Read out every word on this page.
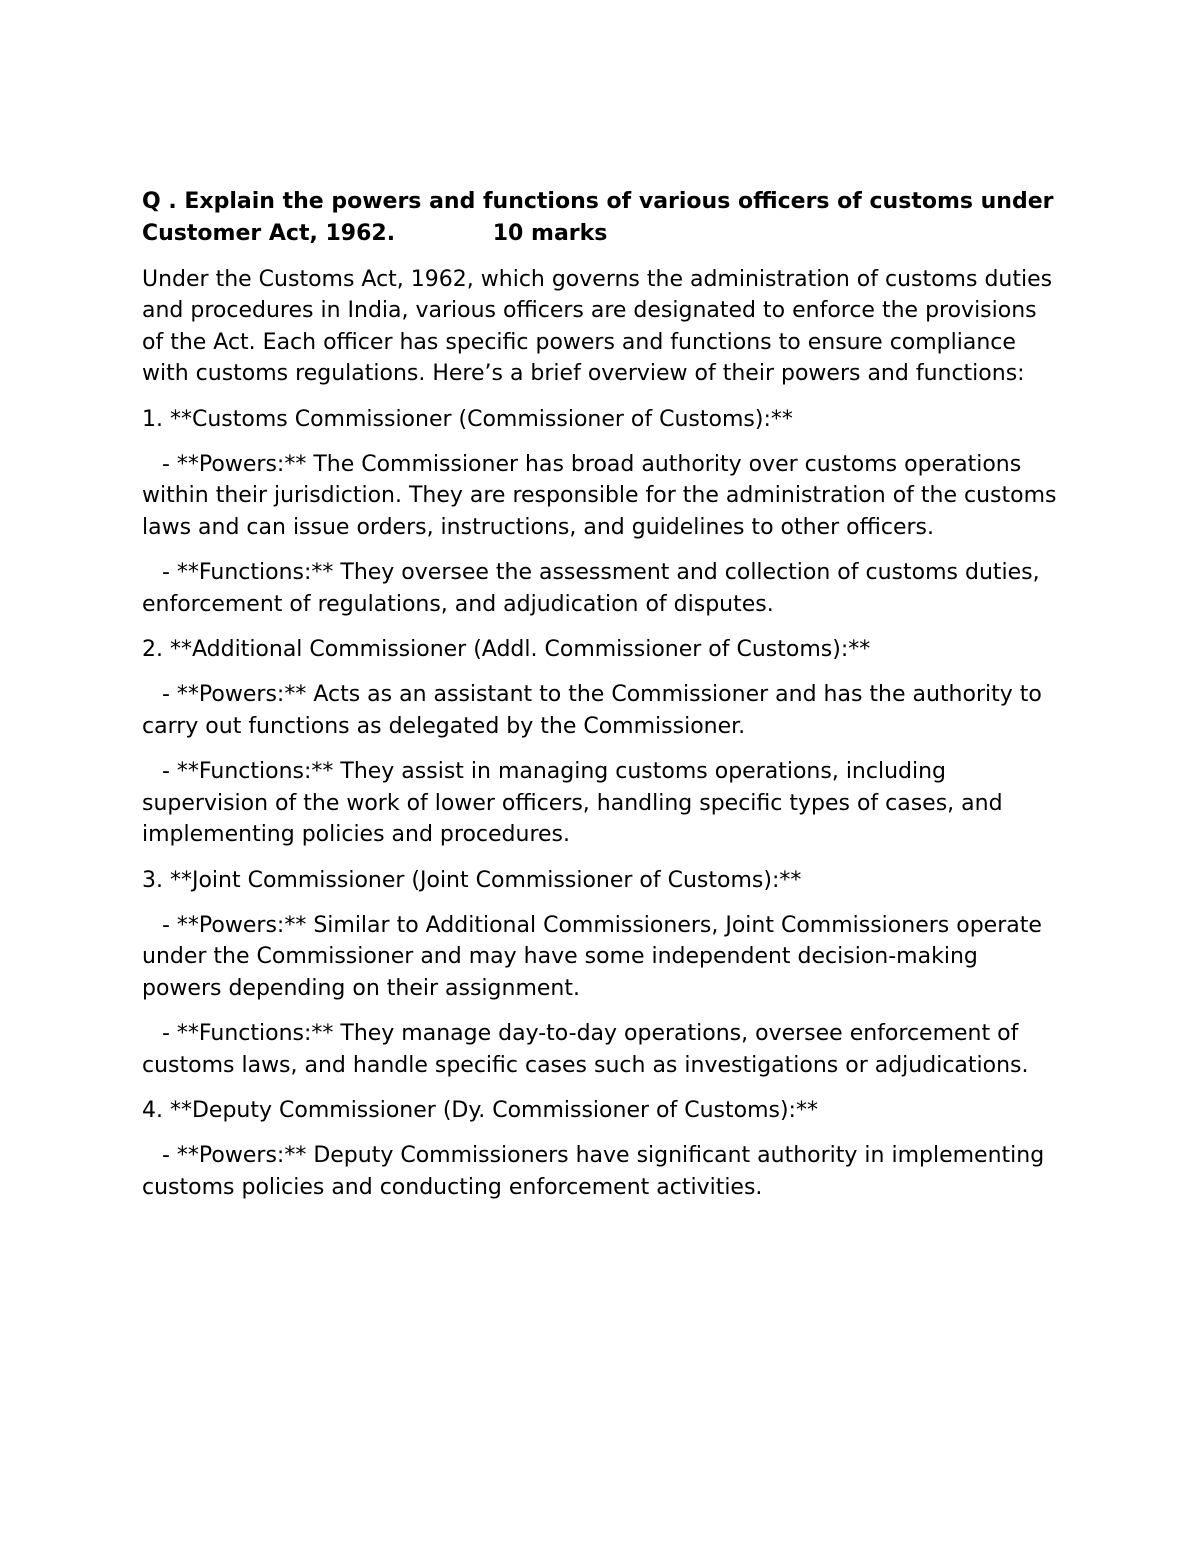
Q . Explain the powers and functions of various officers of customs under Customer Act, 1962.	10 marks

Under the Customs Act, 1962, which governs the administration of customs duties and procedures in India, various officers are designated to enforce the provisions of the Act. Each officer has specific powers and functions to ensure compliance with customs regulations. Here’s a brief overview of their powers and functions:

1. **Customs Commissioner (Commissioner of Customs):**

- **Powers:** The Commissioner has broad authority over customs operations within their jurisdiction. They are responsible for the administration of the customs laws and can issue orders, instructions, and guidelines to other officers.

- **Functions:** They oversee the assessment and collection of customs duties, enforcement of regulations, and adjudication of disputes.

2. **Additional Commissioner (Addl. Commissioner of Customs):**

- **Powers:** Acts as an assistant to the Commissioner and has the authority to carry out functions as delegated by the Commissioner.

- **Functions:** They assist in managing customs operations, including supervision of the work of lower officers, handling specific types of cases, and implementing policies and procedures.

3. **Joint Commissioner (Joint Commissioner of Customs):**

- **Powers:** Similar to Additional Commissioners, Joint Commissioners operate under the Commissioner and may have some independent decision-making powers depending on their assignment.

- **Functions:** They manage day-to-day operations, oversee enforcement of customs laws, and handle specific cases such as investigations or adjudications.

4. **Deputy Commissioner (Dy. Commissioner of Customs):**

- **Powers:** Deputy Commissioners have significant authority in implementing customs policies and conducting enforcement activities.
